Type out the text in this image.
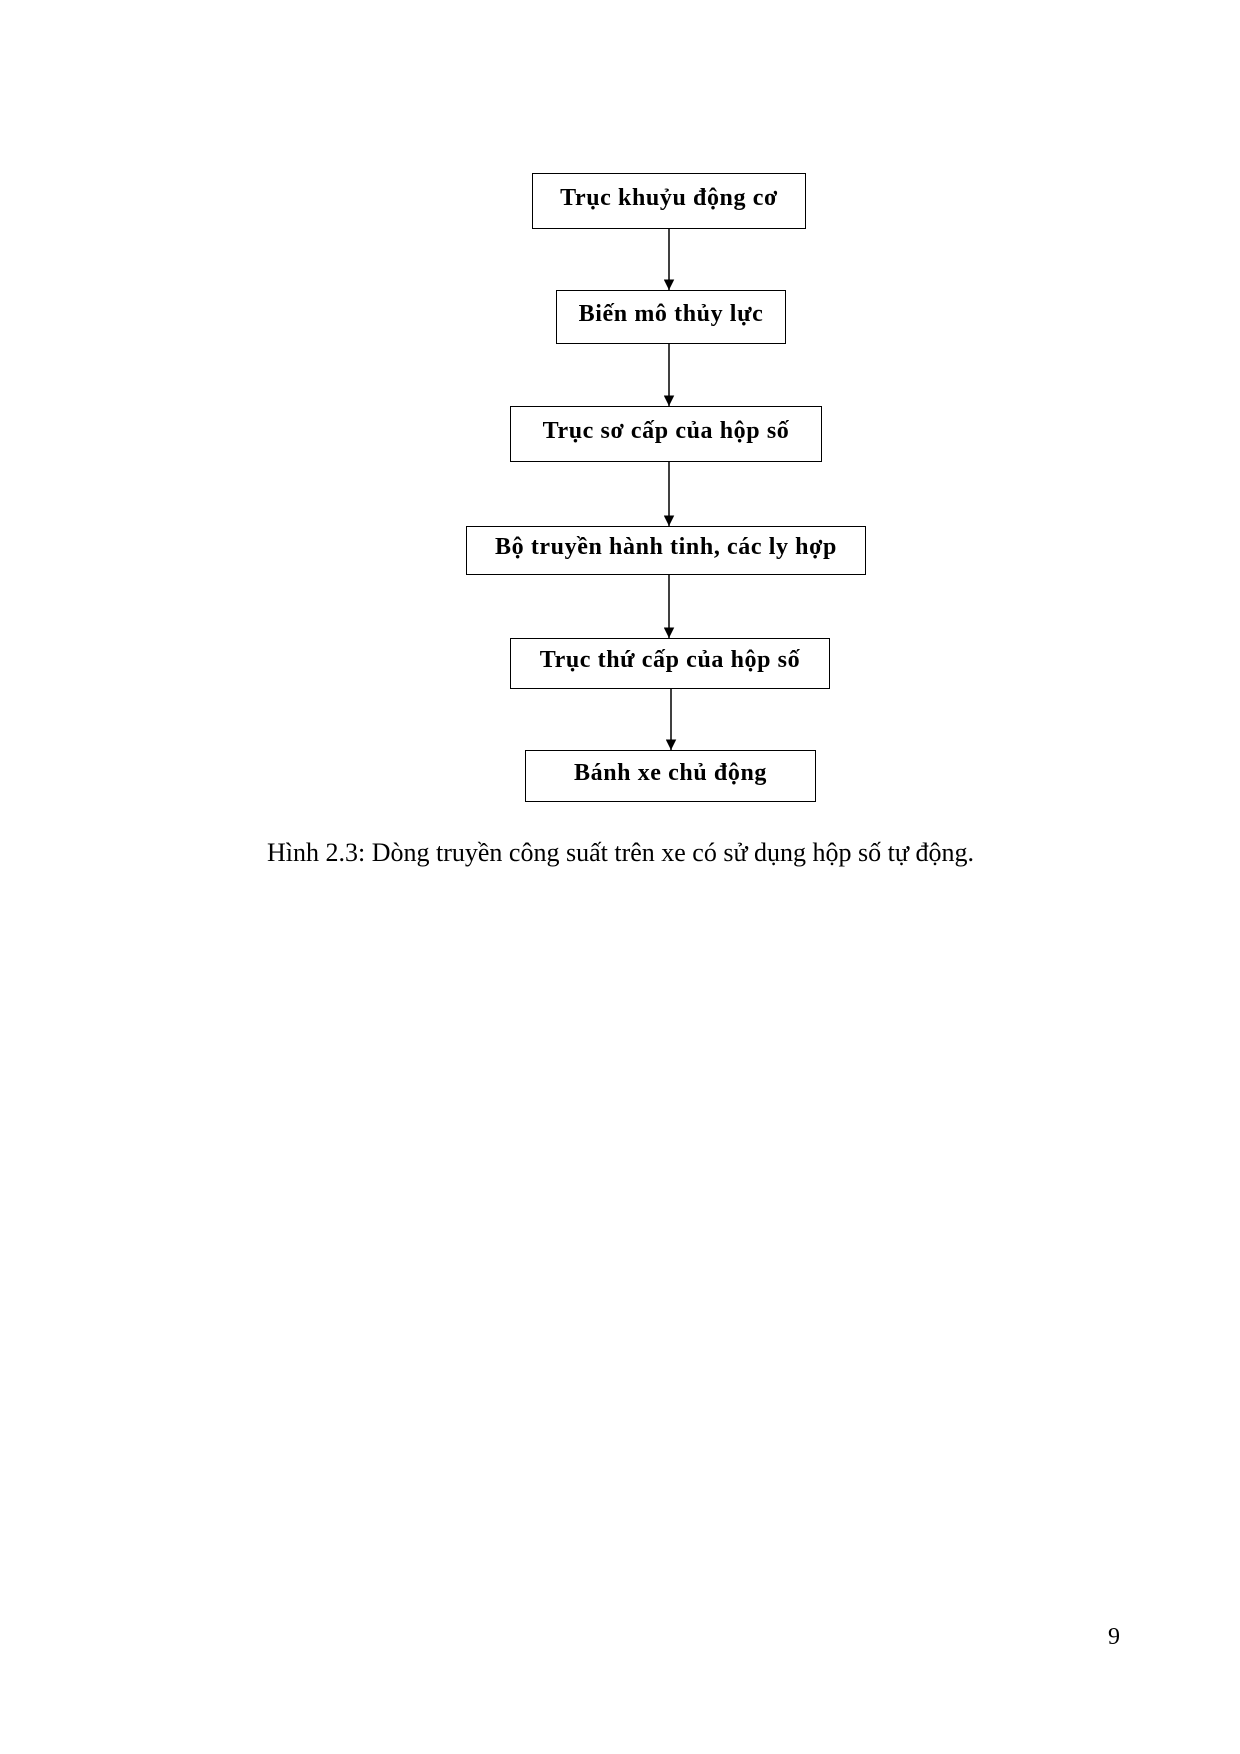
Trục khuỷu động cơ
Biến mô thủy lực
Trục sơ cấp của hộp số
Bộ truyền hành tinh, các ly hợp
Trục thứ cấp của hộp số
Bánh xe chủ động
Hình 2.3: Dòng truyền công suất trên xe có sử dụng hộp số tự động.
9
